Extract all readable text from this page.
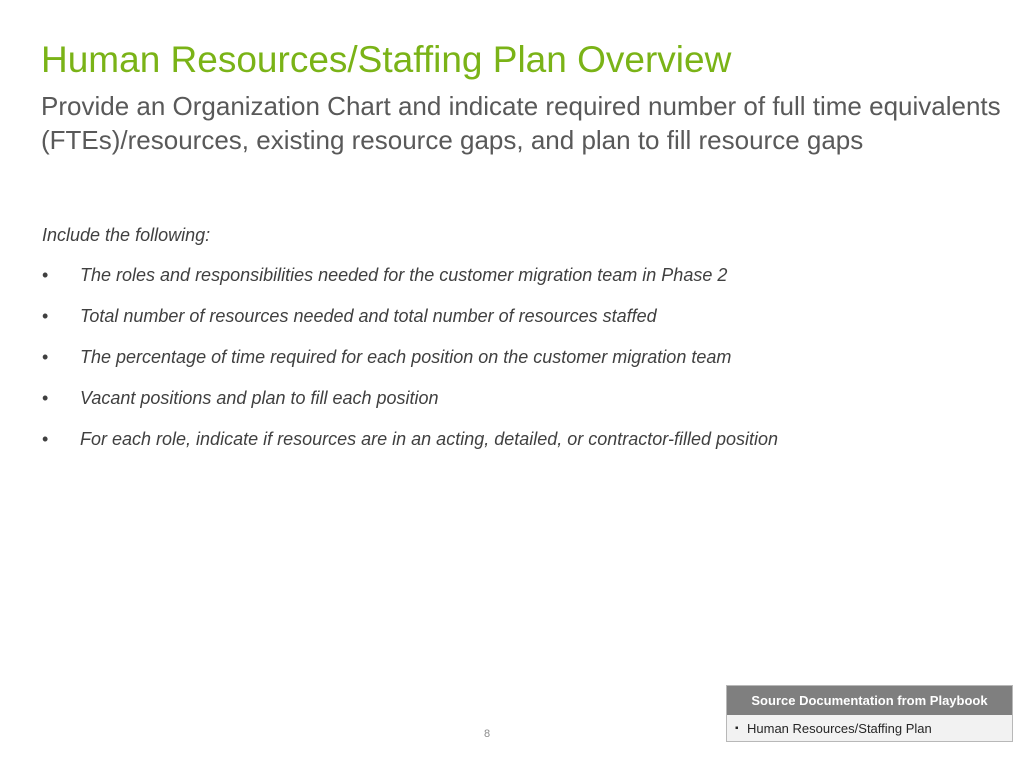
Human Resources/Staffing Plan Overview
Provide an Organization Chart and indicate required number of full time equivalents (FTEs)/resources, existing resource gaps, and plan to fill resource gaps
Include the following:
• The roles and responsibilities needed for the customer migration team in Phase 2
• Total number of resources needed and total number of resources staffed
• The percentage of time required for each position on the customer migration team
• Vacant positions and plan to fill each position
• For each role, indicate if resources are in an acting, detailed, or contractor-filled position
8
Source Documentation from Playbook
▪ Human Resources/Staffing Plan
